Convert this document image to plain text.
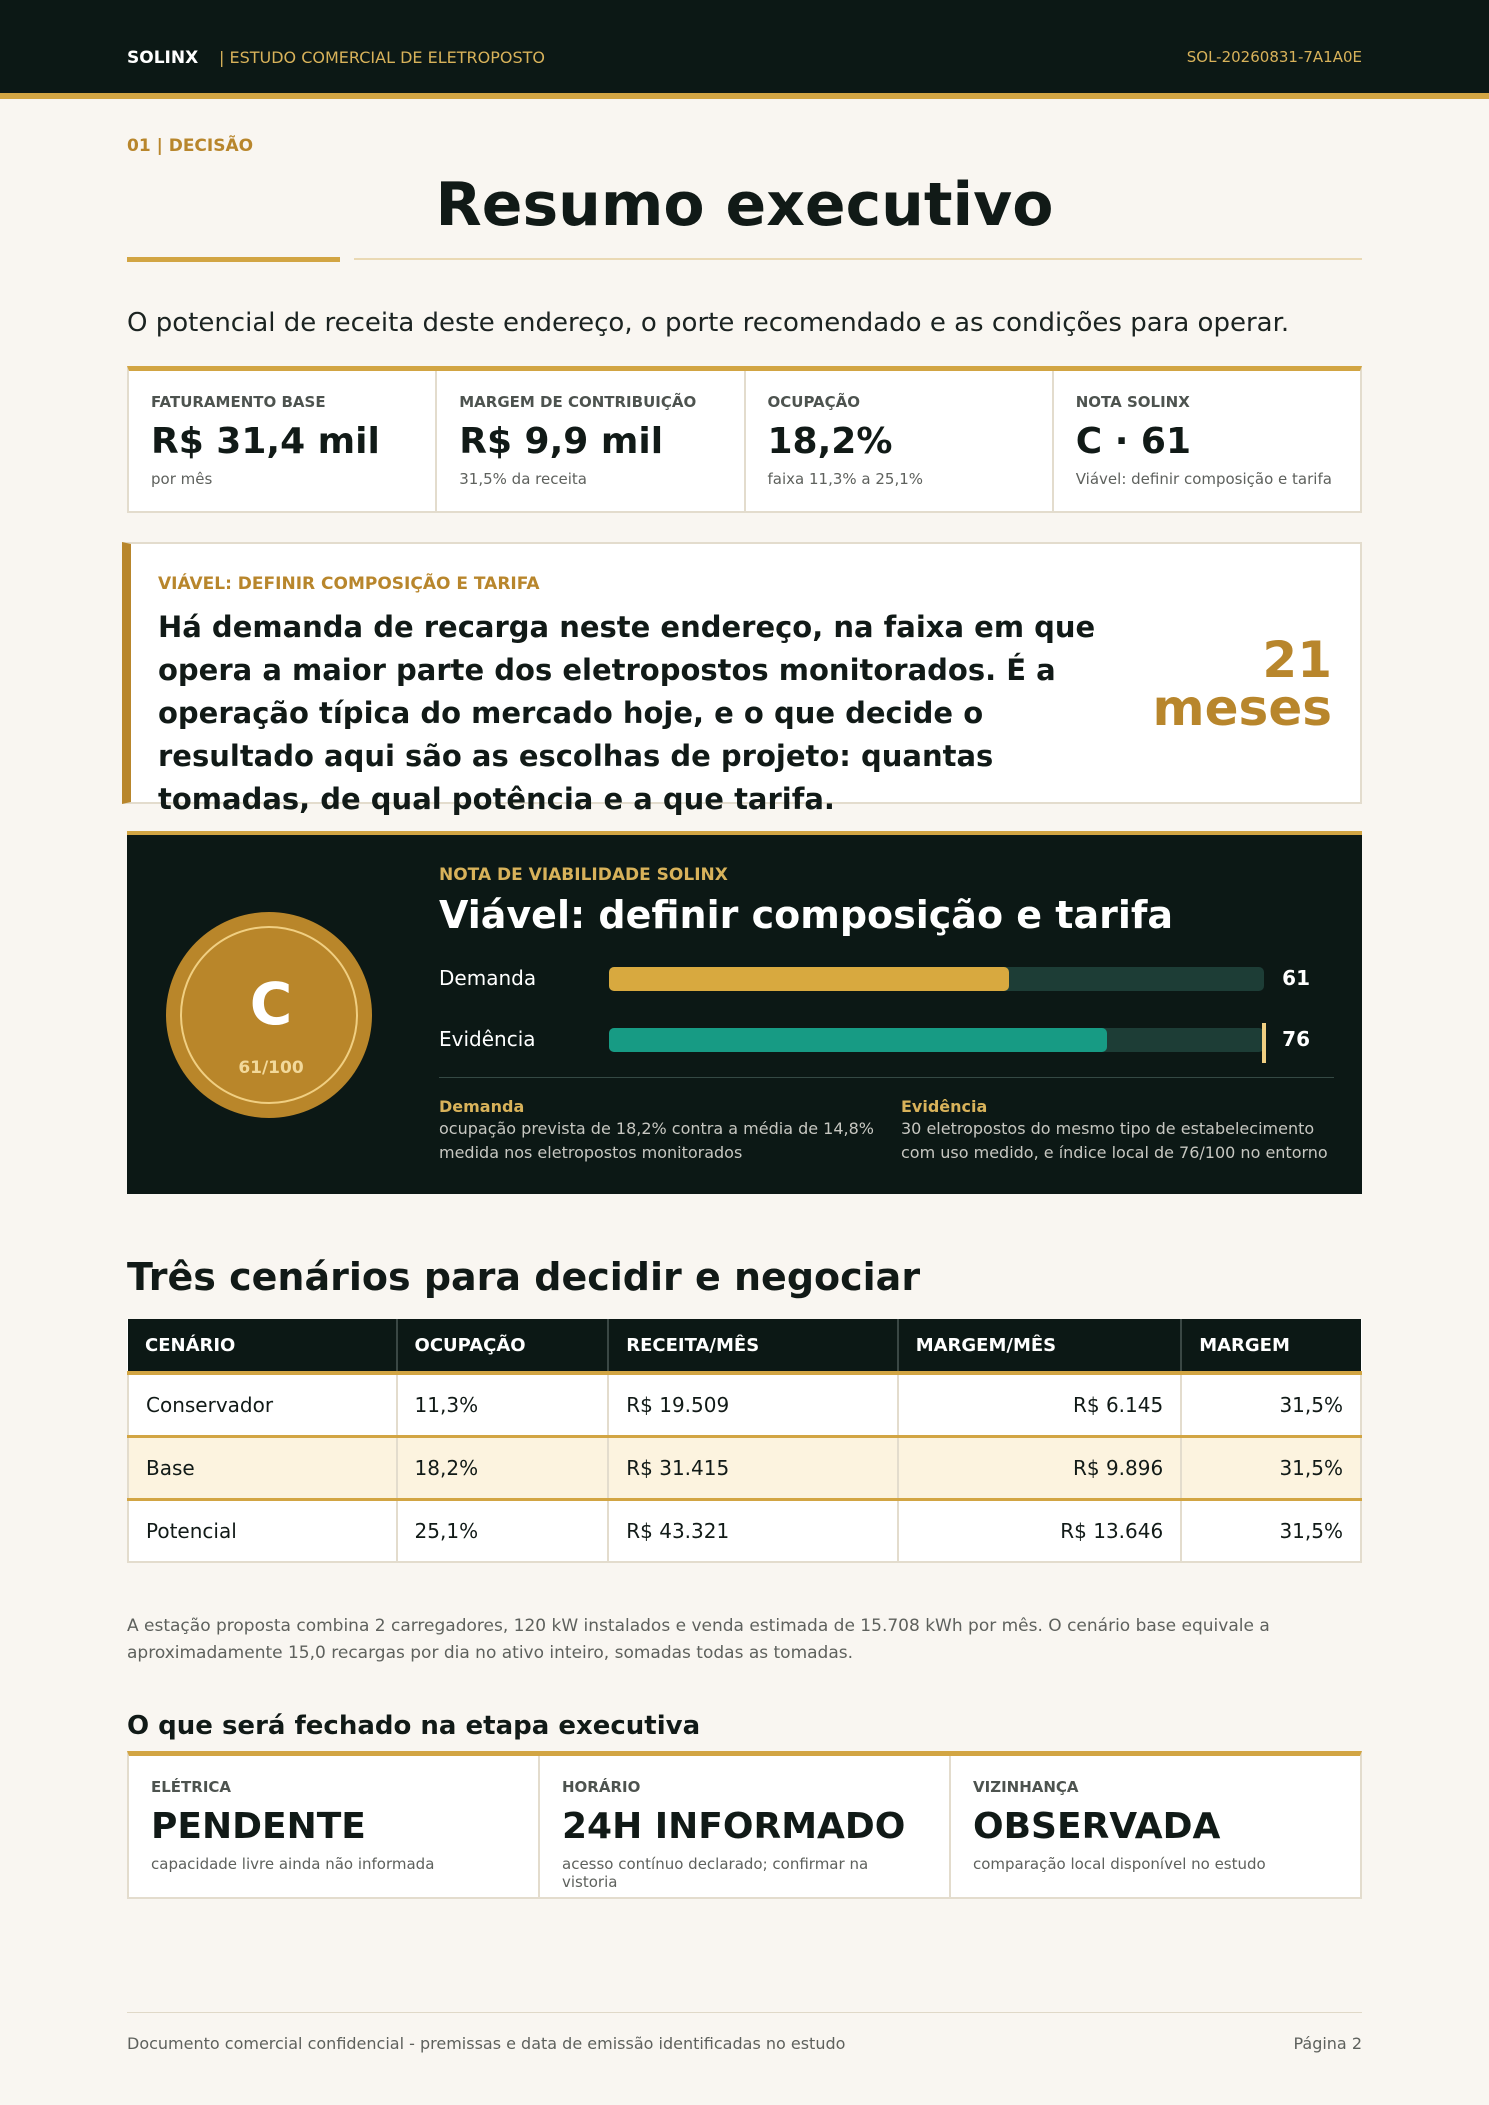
SOLINX | ESTUDO COMERCIAL DE ELETROPOSTO	SOL-20260831-7A1A0E
01 | DECISÃO
Resumo executivo
O potencial de receita deste endereço, o porte recomendado e as condições para operar.
FATURAMENTO BASE
R$ 31,4 mil
por mês
MARGEM DE CONTRIBUIÇÃO
R$ 9,9 mil
31,5% da receita
OCUPAÇÃO
18,2%
faixa 11,3% a 25,1%
NOTA SOLINX
C · 61
Viável: definir composição e tarifa
VIÁVEL: DEFINIR COMPOSIÇÃO E TARIFA
Há demanda de recarga neste endereço, na faixa em que opera a maior parte dos eletropostos monitorados. É a operação típica do mercado hoje, e o que decide o resultado aqui são as escolhas de projeto: quantas tomadas, de qual potência e a que tarifa.
21
meses
C
61/100
NOTA DE VIABILIDADE SOLINX
Viável: definir composição e tarifa
Demanda	61
Evidência	76
Demanda
ocupação prevista de 18,2% contra a média de 14,8% medida nos eletropostos monitorados
Evidência
30 eletropostos do mesmo tipo de estabelecimento com uso medido, e índice local de 76/100 no entorno
Três cenários para decidir e negociar
CENÁRIO	OCUPAÇÃO	RECEITA/MÊS	MARGEM/MÊS	MARGEM
Conservador	11,3%	R$ 19.509	R$ 6.145	31,5%
Base	18,2%	R$ 31.415	R$ 9.896	31,5%
Potencial	25,1%	R$ 43.321	R$ 13.646	31,5%
A estação proposta combina 2 carregadores, 120 kW instalados e venda estimada de 15.708 kWh por mês. O cenário base equivale a aproximadamente 15,0 recargas por dia no ativo inteiro, somadas todas as tomadas.
O que será fechado na etapa executiva
ELÉTRICA
PENDENTE
capacidade livre ainda não informada
HORÁRIO
24H INFORMADO
acesso contínuo declarado; confirmar na vistoria
VIZINHANÇA
OBSERVADA
comparação local disponível no estudo
Documento comercial confidencial - premissas e data de emissão identificadas no estudo	Página 2
